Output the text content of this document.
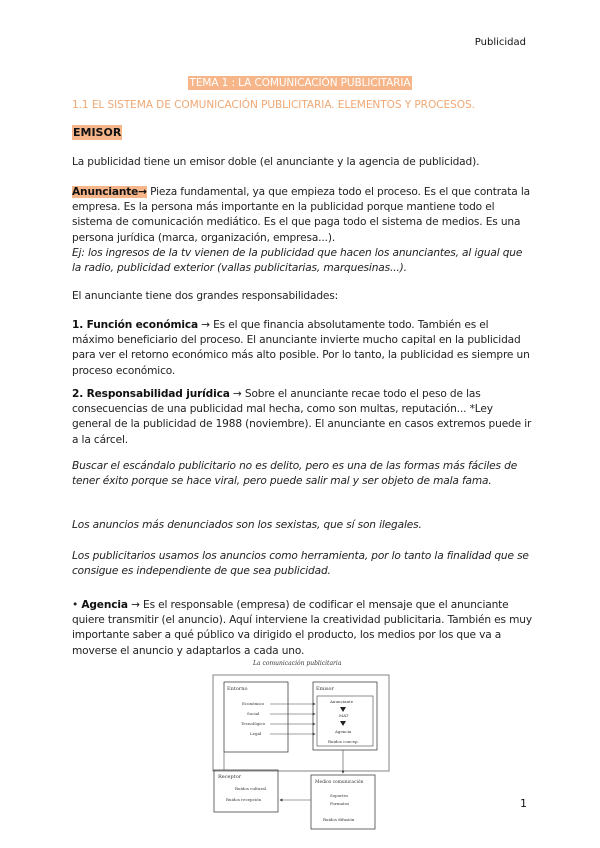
Publicidad
TEMA 1 : LA COMUNICACIÓN PUBLICITARIA
1.1 EL SISTEMA DE COMUNICACIÓN PUBLICITARIA. ELEMENTOS Y PROCESOS.
EMISOR
La publicidad tiene un emisor doble (el anunciante y la agencia de publicidad).
Anunciante→ Pieza fundamental, ya que empieza todo el proceso. Es el que contrata la empresa. Es la persona más importante en la publicidad porque mantiene todo el sistema de comunicación mediático. Es el que paga todo el sistema de medios. Es una persona jurídica (marca, organización, empresa...).
Ej: los ingresos de la tv vienen de la publicidad que hacen los anunciantes, al igual que la radio, publicidad exterior (vallas publicitarias, marquesinas...).
El anunciante tiene dos grandes responsabilidades:
1. Función económica → Es el que financia absolutamente todo. También es el máximo beneficiario del proceso. El anunciante invierte mucho capital en la publicidad para ver el retorno económico más alto posible. Por lo tanto, la publicidad es siempre un proceso económico.
2. Responsabilidad jurídica → Sobre el anunciante recae todo el peso de las consecuencias de una publicidad mal hecha, como son multas, reputación... *Ley general de la publicidad de 1988 (noviembre). El anunciante en casos extremos puede ir a la cárcel.
Buscar el escándalo publicitario no es delito, pero es una de las formas más fáciles de tener éxito porque se hace viral, pero puede salir mal y ser objeto de mala fama.
Los anuncios más denunciados son los sexistas, que sí son ilegales.
Los publicitarios usamos los anuncios como herramienta, por lo tanto la finalidad que se consigue es independiente de que sea publicidad.
• Agencia → Es el responsable (empresa) de codificar el mensaje que el anunciante quiere transmitir (el anuncio). Aquí interviene la creatividad publicitaria. También es muy importante saber a qué público va dirigido el producto, los medios por los que va a moverse el anuncio y adaptarlos a cada uno.
La comunicación publicitaria
Entorno
Económico
Social
Tecnológico
Legal
Emisor
Anunciante
MAT
Agencia
Ruidos concep.
Receptor
Ruidos cultural
Ruidos recepción
Medios comunicación
Soportes
Formatos
Ruidos difusión
1
